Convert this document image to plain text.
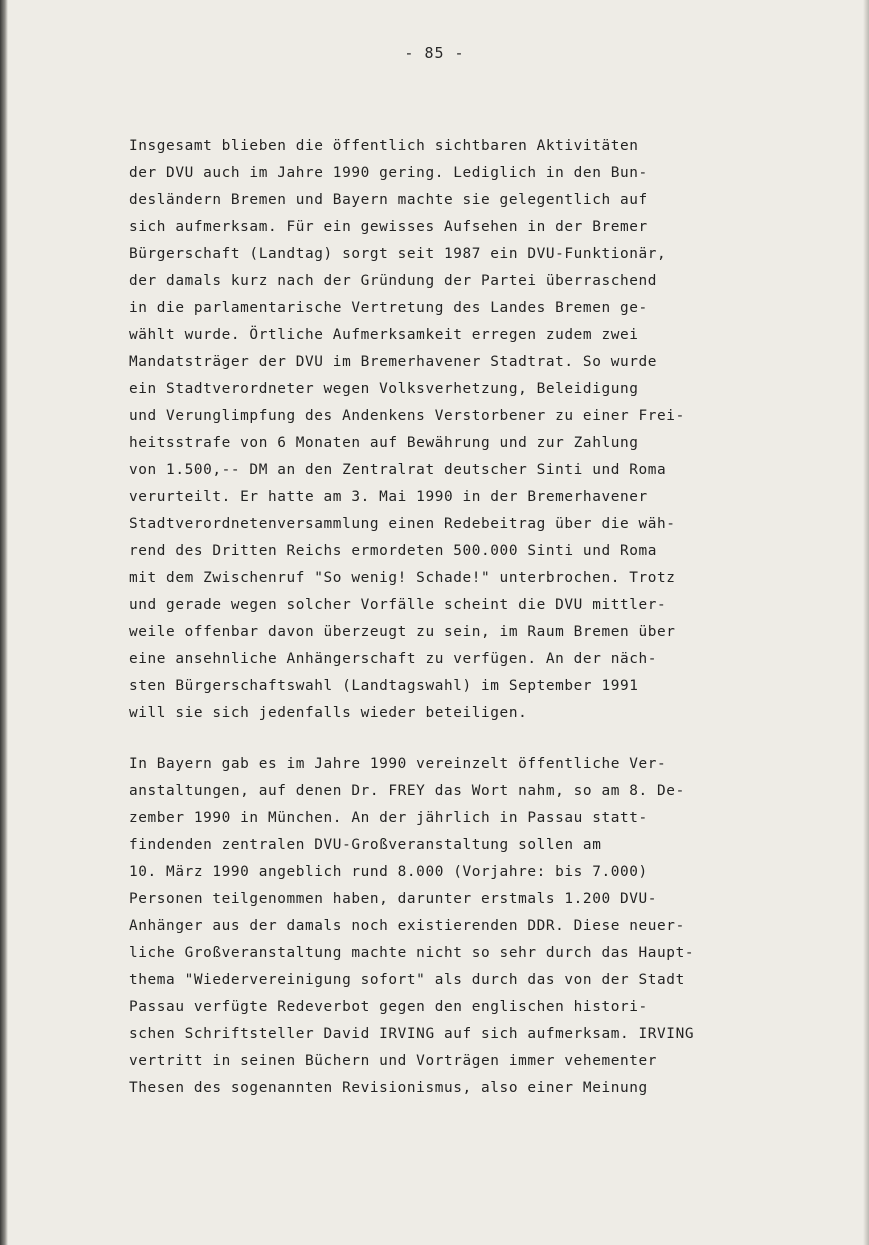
- 85 -
Insgesamt blieben die öffentlich sichtbaren Aktivitäten
der DVU auch im Jahre 1990 gering. Lediglich in den Bun-
desländern Bremen und Bayern machte sie gelegentlich auf
sich aufmerksam. Für ein gewisses Aufsehen in der Bremer
Bürgerschaft (Landtag) sorgt seit 1987 ein DVU-Funktionär,
der damals kurz nach der Gründung der Partei überraschend
in die parlamentarische Vertretung des Landes Bremen ge-
wählt wurde. Örtliche Aufmerksamkeit erregen zudem zwei
Mandatsträger der DVU im Bremerhavener Stadtrat. So wurde
ein Stadtverordneter wegen Volksverhetzung, Beleidigung
und Verunglimpfung des Andenkens Verstorbener zu einer Frei-
heitsstrafe von 6 Monaten auf Bewährung und zur Zahlung
von 1.500,-- DM an den Zentralrat deutscher Sinti und Roma
verurteilt. Er hatte am 3. Mai 1990 in der Bremerhavener
Stadtverordnetenversammlung einen Redebeitrag über die wäh-
rend des Dritten Reichs ermordeten 500.000 Sinti und Roma
mit dem Zwischenruf "So wenig! Schade!" unterbrochen. Trotz
und gerade wegen solcher Vorfälle scheint die DVU mittler-
weile offenbar davon überzeugt zu sein, im Raum Bremen über
eine ansehnliche Anhängerschaft zu verfügen. An der näch-
sten Bürgerschaftswahl (Landtagswahl) im September 1991
will sie sich jedenfalls wieder beteiligen.
In Bayern gab es im Jahre 1990 vereinzelt öffentliche Ver-
anstaltungen, auf denen Dr. FREY das Wort nahm, so am 8. De-
zember 1990 in München. An der jährlich in Passau statt-
findenden zentralen DVU-Großveranstaltung sollen am
10. März 1990 angeblich rund 8.000 (Vorjahre: bis 7.000)
Personen teilgenommen haben, darunter erstmals 1.200 DVU-
Anhänger aus der damals noch existierenden DDR. Diese neuer-
liche Großveranstaltung machte nicht so sehr durch das Haupt-
thema "Wiedervereinigung sofort" als durch das von der Stadt
Passau verfügte Redeverbot gegen den englischen histori-
schen Schriftsteller David IRVING auf sich aufmerksam. IRVING
vertritt in seinen Büchern und Vorträgen immer vehementer
Thesen des sogenannten Revisionismus, also einer Meinung
